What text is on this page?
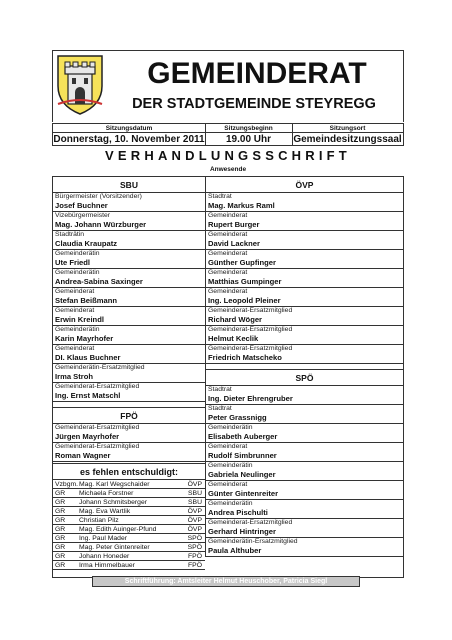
GEMEINDERAT
DER STADTGEMEINDE STEYREGG
Sitzungsdatum	Sitzungsbeginn	Sitzungsort
Donnerstag, 10. November 2011	19.00 Uhr	Gemeindesitzungssaal
VERHANDLUNGSSCHRIFT
Anwesende
SBU
Bürgermeister (Vorsitzender)
Josef Buchner
Vizebürgermeister
Mag. Johann Würzburger
Stadträtin
Claudia Kraupatz
Gemeinderätin
Ute Friedl
Gemeinderätin
Andrea-Sabina Saxinger
Gemeinderat
Stefan Beißmann
Gemeinderat
Erwin Kreindl
Gemeinderätin
Karin Mayrhofer
Gemeinderat
DI. Klaus Buchner
Gemeinderätin-Ersatzmitglied
Irma Stroh
Gemeinderat-Ersatzmitglied
Ing. Ernst Matschl
FPÖ
Gemeinderat-Ersatzmitglied
Jürgen Mayrhofer
Gemeinderat-Ersatzmitglied
Roman Wagner
es fehlen entschuldigt:
Vzbgm. Mag. Karl Wegschaider	ÖVP
GR Michaela Forstner	SBU
GR Johann Schmitsberger	SBU
GR Mag. Eva Wartlik	ÖVP
GR Christian Pilz	ÖVP
GR Mag. Edith Auinger-Pfund	ÖVP
GR Ing. Paul Mader	SPÖ
GR Mag. Peter Gintenreiter	SPÖ
GR Johann Honeder	FPÖ
GR Irma Himmelbauer	FPÖ
ÖVP
Stadtrat
Mag. Markus Raml
Gemeinderat
Rupert Burger
Gemeinderat
David Lackner
Gemeinderat
Günther Gupfinger
Gemeinderat
Matthias Gumpinger
Gemeinderat
Ing. Leopold Pleiner
Gemeinderat-Ersatzmitglied
Richard Wöger
Gemeinderat-Ersatzmitglied
Helmut Keclik
Gemeinderat-Ersatzmitglied
Friedrich Matscheko
SPÖ
Stadtrat
Ing. Dieter Ehrengruber
Stadtrat
Peter Grassnigg
Gemeinderätin
Elisabeth Auberger
Gemeinderat
Rudolf Simbrunner
Gemeinderätin
Gabriela Neulinger
Gemeinderat
Günter Gintenreiter
Gemeinderätin
Andrea Pischulti
Gemeinderat-Ersatzmitglied
Gerhard Hintringer
Gemeinderätin-Ersatzmitglied
Paula Althuber
Schriftführung: Amtsleiter Helmut Heuschober, Patricia Siegl
